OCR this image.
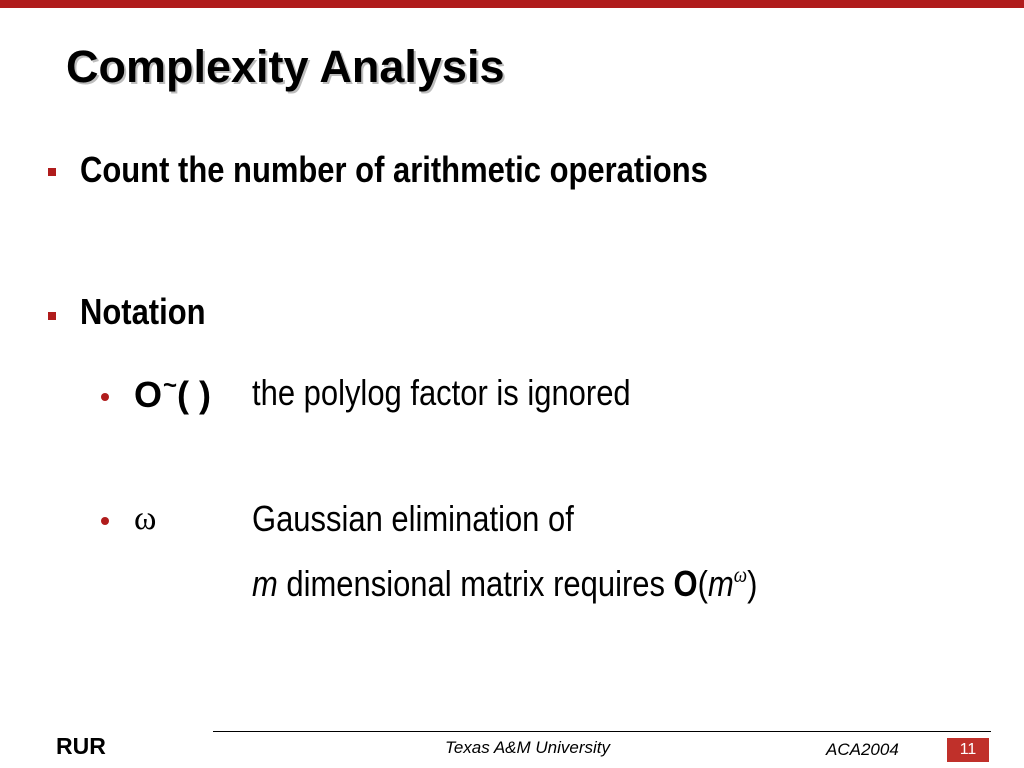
Complexity Analysis
Count the number of arithmetic operations
Notation
O~( ) the polylog factor is ignored
ω	Gaussian elimination of
m dimensional matrix requires $O(m^\omega)$
RUR	Texas A&M University	ACA2004	11
